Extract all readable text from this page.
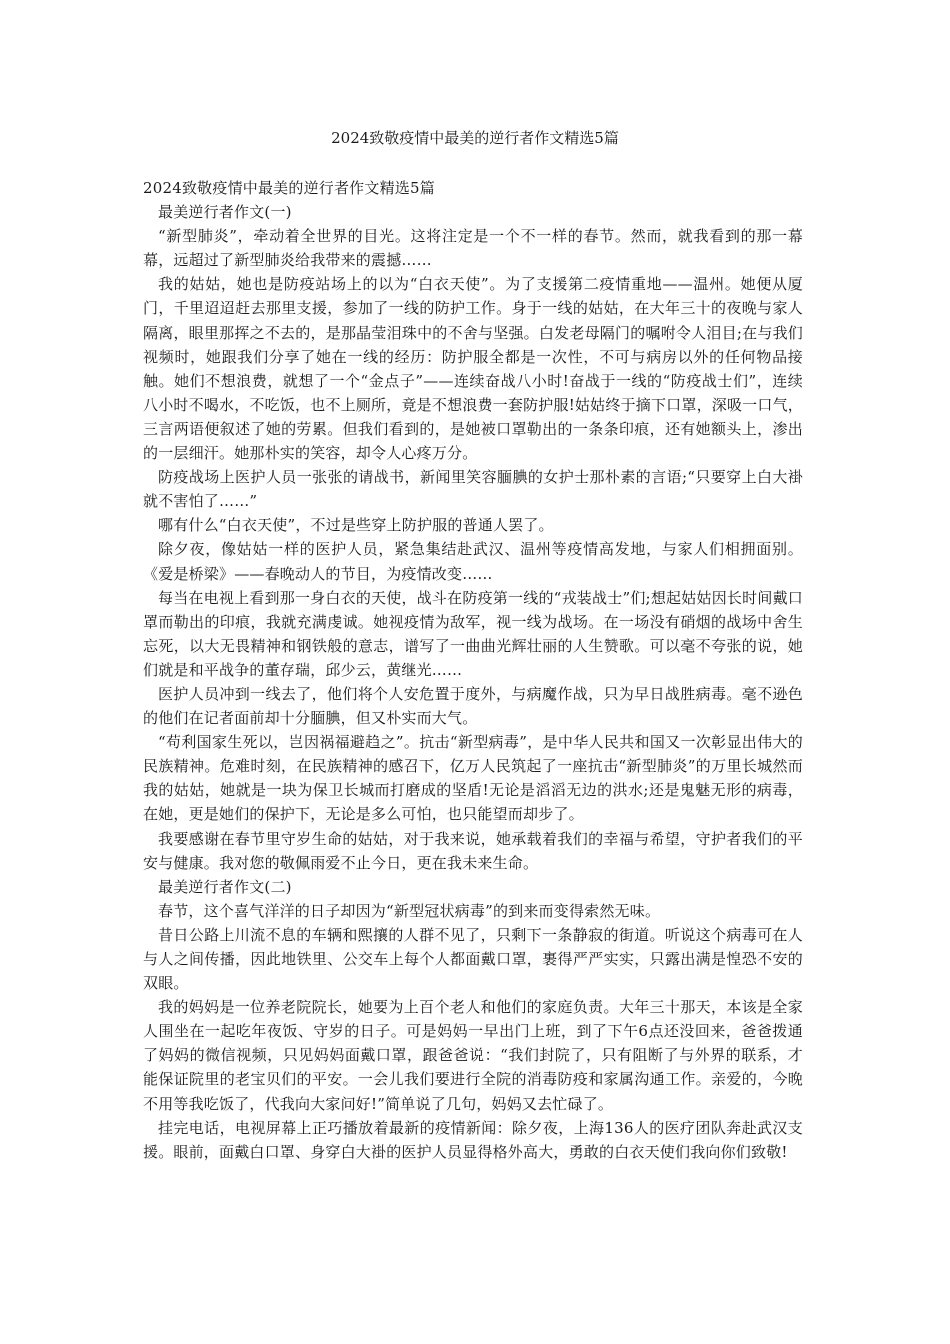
2024致敬疫情中最美的逆行者作文精选5篇

2024致敬疫情中最美的逆行者作文精选5篇

最美逆行者作文(一)

“新型肺炎”，牵动着全世界的目光。这将注定是一个不一样的春节。然而，就我看到的那一幕幕，远超过了新型肺炎给我带来的震撼……

我的姑姑，她也是防疫站场上的以为“白衣天使”。为了支援第二疫情重地——温州。她便从厦门，千里迢迢赶去那里支援，参加了一线的防护工作。身于一线的姑姑，在大年三十的夜晚与家人隔离，眼里那挥之不去的，是那晶莹泪珠中的不舍与坚强。白发老母隔门的嘱咐令人泪目;在与我们视频时，她跟我们分享了她在一线的经历：防护服全都是一次性，不可与病房以外的任何物品接触。她们不想浪费，就想了一个“金点子”——连续奋战八小时!奋战于一线的“防疫战士们”，连续八小时不喝水，不吃饭，也不上厕所，竟是不想浪费一套防护服!姑姑终于摘下口罩，深吸一口气，三言两语便叙述了她的劳累。但我们看到的，是她被口罩勒出的一条条印痕，还有她额头上，渗出的一层细汗。她那朴实的笑容，却令人心疼万分。

防疫战场上医护人员一张张的请战书，新闻里笑容腼腆的女护士那朴素的言语;“只要穿上白大褂就不害怕了……”

哪有什么“白衣天使”，不过是些穿上防护服的普通人罢了。

除夕夜，像姑姑一样的医护人员，紧急集结赴武汉、温州等疫情高发地，与家人们相拥面别。《爱是桥梁》——春晚动人的节目，为疫情改变……

每当在电视上看到那一身白衣的天使，战斗在防疫第一线的“戎装战士”们;想起姑姑因长时间戴口罩而勒出的印痕，我就充满虔诚。她视疫情为敌军，视一线为战场。在一场没有硝烟的战场中舍生忘死，以大无畏精神和钢铁般的意志，谱写了一曲曲光辉壮丽的人生赞歌。可以毫不夸张的说，她们就是和平战争的董存瑞，邱少云，黄继光……

医护人员冲到一线去了，他们将个人安危置于度外，与病魔作战，只为早日战胜病毒。毫不逊色的他们在记者面前却十分腼腆，但又朴实而大气。

“苟利国家生死以，岂因祸福避趋之”。抗击“新型病毒”，是中华人民共和国又一次彰显出伟大的民族精神。危难时刻，在民族精神的感召下，亿万人民筑起了一座抗击“新型肺炎”的万里长城然而我的姑姑，她就是一块为保卫长城而打磨成的坚盾!无论是滔滔无边的洪水;还是鬼魅无形的病毒，在她，更是她们的保护下，无论是多么可怕，也只能望而却步了。

我要感谢在春节里守岁生命的姑姑，对于我来说，她承载着我们的幸福与希望，守护者我们的平安与健康。我对您的敬佩雨爱不止今日，更在我未来生命。

最美逆行者作文(二)

春节，这个喜气洋洋的日子却因为“新型冠状病毒”的到来而变得索然无味。

昔日公路上川流不息的车辆和熙攘的人群不见了，只剩下一条静寂的街道。听说这个病毒可在人与人之间传播，因此地铁里、公交车上每个人都面戴口罩，裹得严严实实，只露出满是惶恐不安的双眼。

我的妈妈是一位养老院院长，她要为上百个老人和他们的家庭负责。大年三十那天，本该是全家人围坐在一起吃年夜饭、守岁的日子。可是妈妈一早出门上班，到了下午6点还没回来，爸爸拨通了妈妈的微信视频，只见妈妈面戴口罩，跟爸爸说：“我们封院了，只有阻断了与外界的联系，才能保证院里的老宝贝们的平安。一会儿我们要进行全院的消毒防疫和家属沟通工作。亲爱的，今晚不用等我吃饭了，代我向大家问好!”简单说了几句，妈妈又去忙碌了。

挂完电话，电视屏幕上正巧播放着最新的疫情新闻：除夕夜，上海136人的医疗团队奔赴武汉支援。眼前，面戴白口罩、身穿白大褂的医护人员显得格外高大，勇敢的白衣天使们我向你们致敬!
